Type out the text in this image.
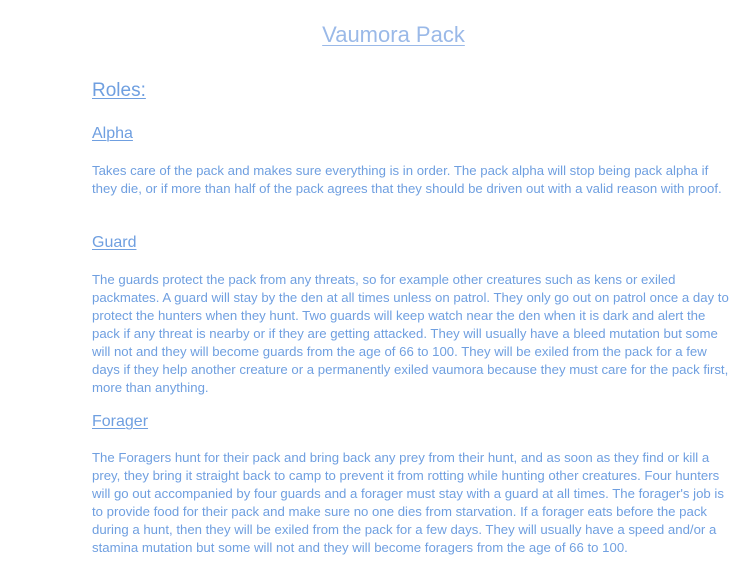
Vaumora Pack
Roles:
Alpha

Takes care of the pack and makes sure everything is in order. The pack alpha will stop being pack alpha if they die, or if more than half of the pack agrees that they should be driven out with a valid reason with proof.

Guard

The guards protect the pack from any threats, so for example other creatures such as kens or exiled packmates. A guard will stay by the den at all times unless on patrol. They only go out on patrol once a day to protect the hunters when they hunt. Two guards will keep watch near the den when it is dark and alert the pack if any threat is nearby or if they are getting attacked. They will usually have a bleed mutation but some will not and they will become guards from the age of 66 to 100. They will be exiled from the pack for a few days if they help another creature or a permanently exiled vaumora because they must care for the pack first, more than anything.

Forager

The Foragers hunt for their pack and bring back any prey from their hunt, and as soon as they find or kill a prey, they bring it straight back to camp to prevent it from rotting while hunting other creatures. Four hunters will go out accompanied by four guards and a forager must stay with a guard at all times. The forager's job is to provide food for their pack and make sure no one dies from starvation. If a forager eats before the pack during a hunt, then they will be exiled from the pack for a few days. They will usually have a speed and/or a stamina mutation but some will not and they will become foragers from the age of 66 to 100.
